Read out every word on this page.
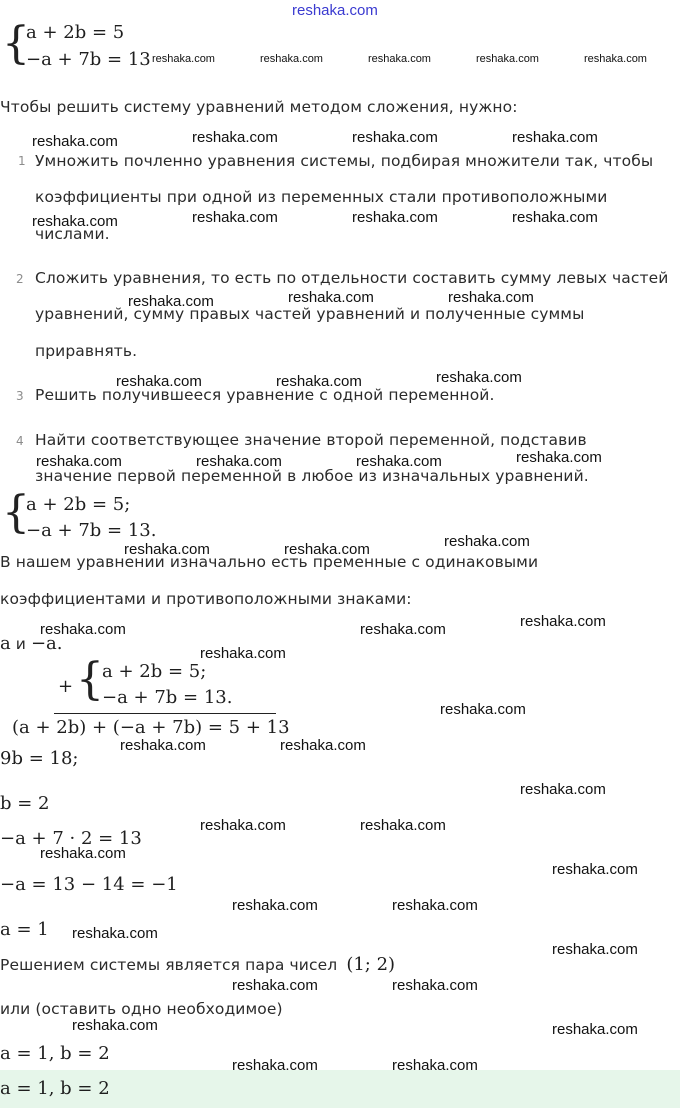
reshaka.com
{
a + 2b = 5
−a + 7b = 13
Чтобы решить систему уравнений методом сложения, нужно:
1 Умножить почленно уравнения системы, подбирая множители так, чтобы
коэффициенты при одной из переменных стали противоположными
числами.
2 Сложить уравнения, то есть по отдельности составить сумму левых частей
уравнений, сумму правых частей уравнений и полученные суммы
приравнять.
3 Решить получившееся уравнение с одной переменной.
4 Найти соответствующее значение второй переменной, подставив
значение первой переменной в любое из изначальных уравнений.
{
a + 2b = 5;
−a + 7b = 13.
В нашем уравнении изначально есть пременные с одинаковыми
коэффициентами и противоположными знаками:
a и −a.
+ {
a + 2b = 5;
−a + 7b = 13.
(a + 2b) + (−a + 7b) = 5 + 13
9b = 18;
b = 2
−a + 7 · 2 = 13
−a = 13 − 14 = −1
a = 1
Решением системы является пара чисел (1; 2)
или (оставить одно необходимое)
a = 1, b = 2
a = 1, b = 2
reshaka.com	reshaka.com	reshaka.com	reshaka.com	reshaka.com
reshaka.com	reshaka.com	reshaka.com	reshaka.com
reshaka.com	reshaka.com	reshaka.com	reshaka.com
reshaka.com	reshaka.com	reshaka.com
reshaka.com	reshaka.com	reshaka.com
reshaka.com	reshaka.com	reshaka.com	reshaka.com
reshaka.com	reshaka.com	reshaka.com
reshaka.com	reshaka.com	reshaka.com
reshaka.com
reshaka.com
reshaka.com	reshaka.com
reshaka.com
reshaka.com	reshaka.com
reshaka.com
reshaka.com
reshaka.com	reshaka.com
reshaka.com
reshaka.com
reshaka.com	reshaka.com
reshaka.com	reshaka.com
reshaka.com	reshaka.com
